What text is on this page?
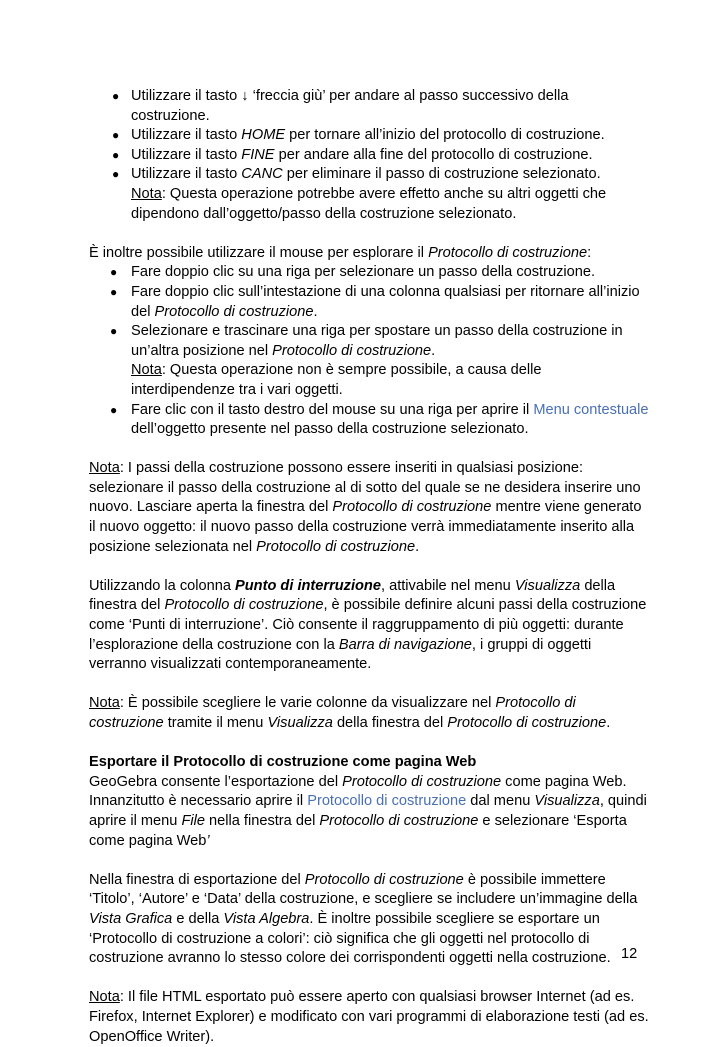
● Utilizzare il tasto ↓ ‘freccia giù’ per andare al passo successivo della costruzione.
● Utilizzare il tasto HOME per tornare all’inizio del protocollo di costruzione.
● Utilizzare il tasto FINE per andare alla fine del protocollo di costruzione.
● Utilizzare il tasto CANC per eliminare il passo di costruzione selezionato.
Nota: Questa operazione potrebbe avere effetto anche su altri oggetti che dipendono dall’oggetto/passo della costruzione selezionato.

È inoltre possibile utilizzare il mouse per esplorare il Protocollo di costruzione:

● Fare doppio clic su una riga per selezionare un passo della costruzione.
● Fare doppio clic sull’intestazione di una colonna qualsiasi per ritornare all’inizio del Protocollo di costruzione.
● Selezionare e trascinare una riga per spostare un passo della costruzione in un’altra posizione nel Protocollo di costruzione.
Nota: Questa operazione non è sempre possibile, a causa delle interdipendenze tra i vari oggetti.
● Fare clic con il tasto destro del mouse su una riga per aprire il Menu contestuale dell’oggetto presente nel passo della costruzione selezionato.

Nota: I passi della costruzione possono essere inseriti in qualsiasi posizione: selezionare il passo della costruzione al di sotto del quale se ne desidera inserire uno nuovo. Lasciare aperta la finestra del Protocollo di costruzione mentre viene generato il nuovo oggetto: il nuovo passo della costruzione verrà immediatamente inserito alla posizione selezionata nel Protocollo di costruzione.

Utilizzando la colonna Punto di interruzione, attivabile nel menu Visualizza della finestra del Protocollo di costruzione, è possibile definire alcuni passi della costruzione come ‘Punti di interruzione’. Ciò consente il raggruppamento di più oggetti: durante l’esplorazione della costruzione con la Barra di navigazione, i gruppi di oggetti verranno visualizzati contemporaneamente.

Nota: È possibile scegliere le varie colonne da visualizzare nel Protocollo di costruzione tramite il menu Visualizza della finestra del Protocollo di costruzione.

Esportare il Protocollo di costruzione come pagina Web

GeoGebra consente l’esportazione del Protocollo di costruzione come pagina Web. Innanzitutto è necessario aprire il Protocollo di costruzione dal menu Visualizza, quindi aprire il menu File nella finestra del Protocollo di costruzione e selezionare ‘Esporta come pagina Web’

Nella finestra di esportazione del Protocollo di costruzione è possibile immettere ‘Titolo’, ‘Autore’ e ‘Data’ della costruzione, e scegliere se includere un’immagine della Vista Grafica e della Vista Algebra. È inoltre possibile scegliere se esportare un ‘Protocollo di costruzione a colori’: ciò significa che gli oggetti nel protocollo di costruzione avranno lo stesso colore dei corrispondenti oggetti nella costruzione.

Nota: Il file HTML esportato può essere aperto con qualsiasi browser Internet (ad es. Firefox, Internet Explorer) e modificato con vari programmi di elaborazione testi (ad es. OpenOffice Writer).

12
